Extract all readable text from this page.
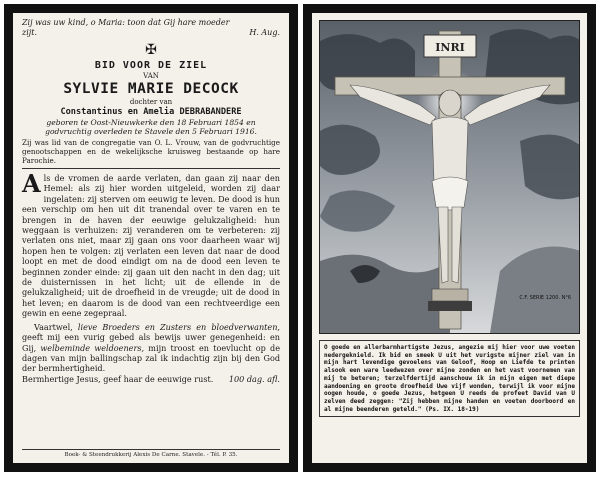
Zij was uw kind, o Maria: toon dat Gij hare moeder
zijt.	H. Aug.
✠
BID VOOR DE ZIEL
VAN
SYLVIE MARIE DECOCK
dochter van
Constantinus en Amelia DEBRABANDERE
geboren te Oost-Nieuwkerke den 18 Februari 1854 en
godvruchtig overleden te Stavele den 5 Februari 1916.
Zij was lid van de congregatie van O. L. Vrouw, van de godvruchtige genootschappen en de wekelijksche kruisweg bestaande op hare Parochie.
A ls de vromen de aarde verlaten, dan gaan zij naar den Hemel: als zij hier worden uitgeleid, worden zij daar ingelaten: zij sterven om eeuwig te leven. De dood is hun een verschip om hen uit dit tranendal over te varen en te brengen in de haven der eeuwige gelukzaligheid: hun weggaan is verhuizen: zij veranderen om te verbeteren: zij verlaten ons niet, maar zij gaan ons voor daarheen waar wij hopen hen te volgen: zij verlaten een leven dat naar de dood loopt en met de dood eindigt om na de dood een leven te beginnen zonder einde: zij gaan uit den nacht in den dag; uit de duisternissen in het licht; uit de ellende in de gelukzaligheid; uit de droefheid in de vreugde; uit de dood in het leven; en daarom is de dood van een rechtveerdige een gewin en eene zegepraal.
Vaartwel, lieve Broeders en Zusters en bloedverwanten, geeft mij een vurig gebed als bewijs uwer genegenheid: en Gij, welbeminde weldoeners, mijn troost en toevlucht op de dagen van mijn ballingschap zal ik indachtig zijn bij den God der bermhertigheid.
Bermhertige Jesus, geef haar de eeuwige rust. 100 dag. afl.
Boek- & Steendrukkerij Alexis De Carne. Stavele. - Tél. P. 35.
INRI
C.F. SERIE 1200. N°6
O goede en allerbarmhartigste Jezus, angezie mij hier voor uwe voeten nedergeknield. Ik bid en smeek U uit het vurigste mijner ziel van in mijn hart levendige gevoelens van Geloof, Hoop en Liefde te printen alsook een ware leedwezen over mijne zonden en het vast voornemen van mij te beteren; terzelfdertijd aanschouw ik in mijn eigen met diepe aandoening en groote droefheid Uwe vijf wonden, terwijl ik voor mijne oogen houde, o goede Jezus, hetgeen U reeds de profeet David van U zelven deed zeggen: "Zij hebben mijne handen en voeten doorboord en al mijne beenderen geteld." (Ps. IX. 18-19)
